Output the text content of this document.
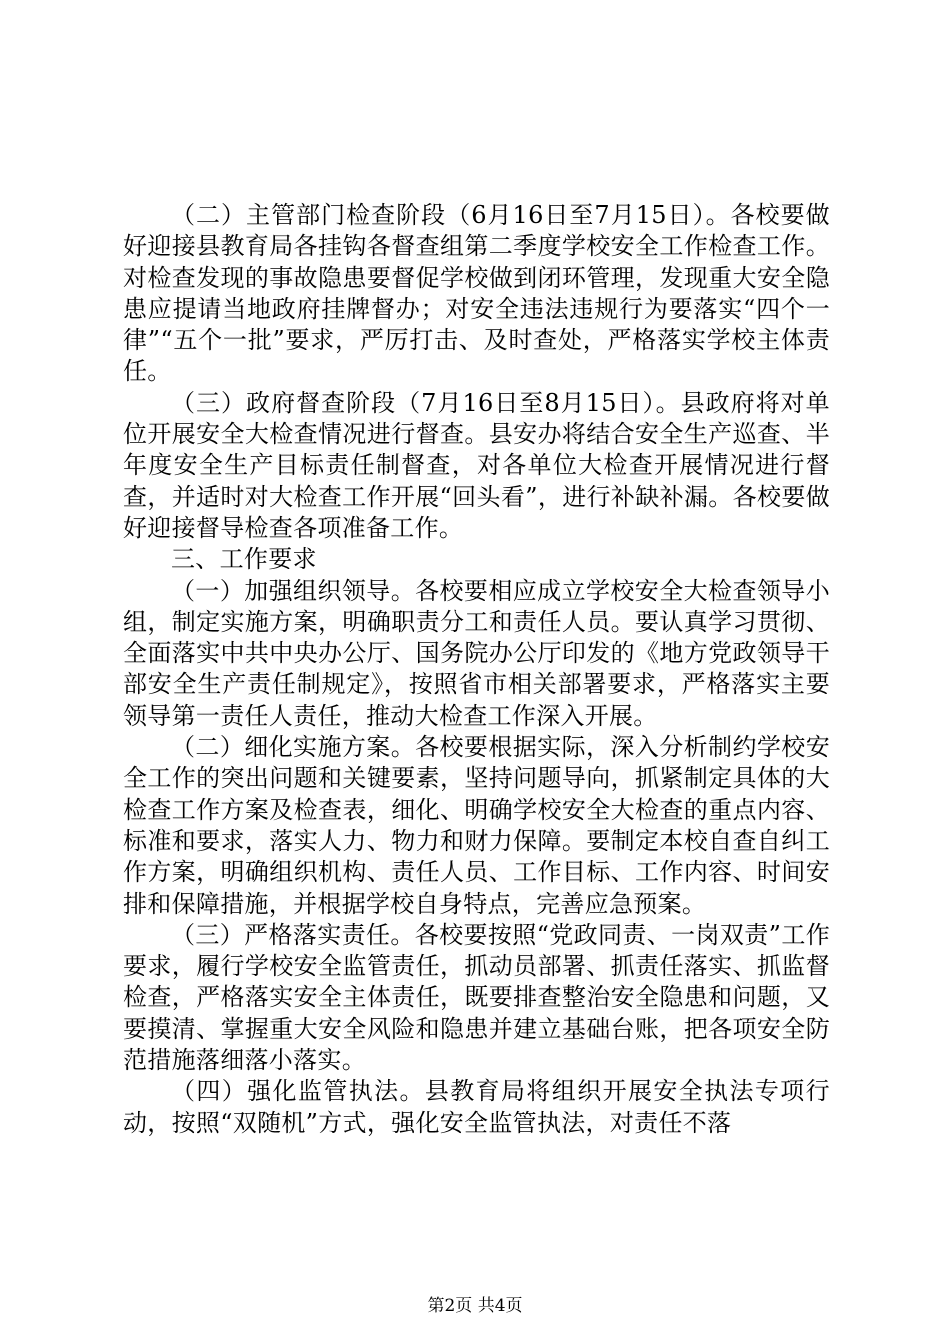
（二）主管部门检查阶段（6月16日至7月15日）。各校要做好迎接县教育局各挂钩各督查组第二季度学校安全工作检查工作。对检查发现的事故隐患要督促学校做到闭环管理，发现重大安全隐患应提请当地政府挂牌督办；对安全违法违规行为要落实“四个一律”“五个一批”要求，严厉打击、及时查处，严格落实学校主体责任。

（三）政府督查阶段（7月16日至8月15日）。县政府将对单位开展安全大检查情况进行督查。县安办将结合安全生产巡查、半年度安全生产目标责任制督查，对各单位大检查开展情况进行督查，并适时对大检查工作开展“回头看”，进行补缺补漏。各校要做好迎接督导检查各项准备工作。

三、工作要求

（一）加强组织领导。各校要相应成立学校安全大检查领导小组，制定实施方案，明确职责分工和责任人员。要认真学习贯彻、全面落实中共中央办公厅、国务院办公厅印发的《地方党政领导干部安全生产责任制规定》，按照省市相关部署要求，严格落实主要领导第一责任人责任，推动大检查工作深入开展。

（二）细化实施方案。各校要根据实际，深入分析制约学校安全工作的突出问题和关键要素，坚持问题导向，抓紧制定具体的大检查工作方案及检查表，细化、明确学校安全大检查的重点内容、标准和要求，落实人力、物力和财力保障。要制定本校自查自纠工作方案，明确组织机构、责任人员、工作目标、工作内容、时间安排和保障措施，并根据学校自身特点，完善应急预案。

（三）严格落实责任。各校要按照“党政同责、一岗双责”工作要求，履行学校安全监管责任，抓动员部署、抓责任落实、抓监督检查，严格落实安全主体责任，既要排查整治安全隐患和问题，又要摸清、掌握重大安全风险和隐患并建立基础台账，把各项安全防范措施落细落小落实。

（四）强化监管执法。县教育局将组织开展安全执法专项行动，按照“双随机”方式，强化安全监管执法，对责任不落

第2页 共4页
